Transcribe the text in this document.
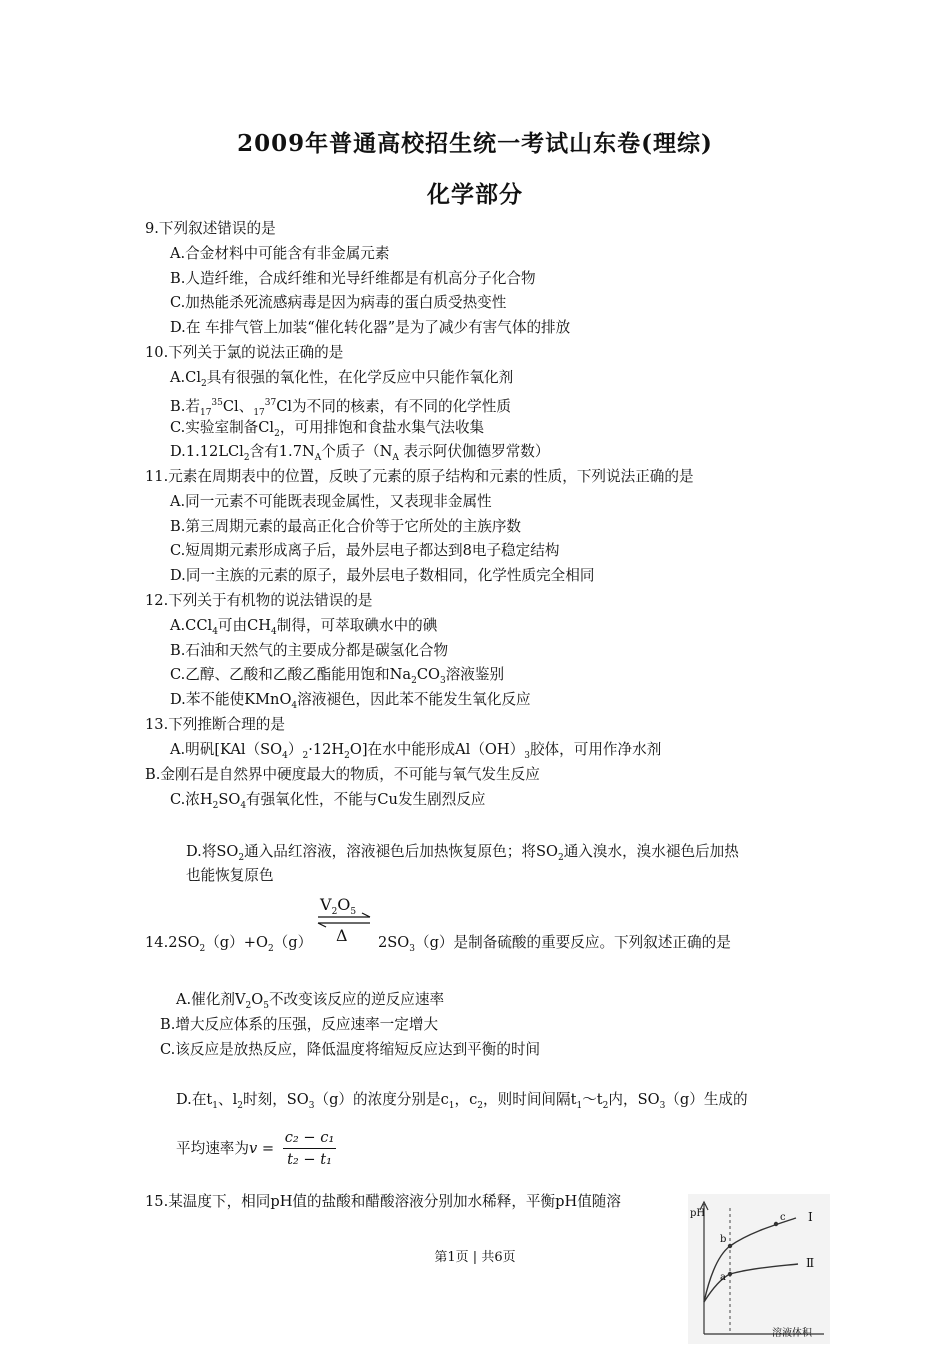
2009年普通高校招生统一考试山东卷(理综)
化学部分
9.下列叙述错误的是
A.合金材料中可能含有非金属元素
B.人造纤维，合成纤维和光导纤维都是有机高分子化合物
C.加热能杀死流感病毒是因为病毒的蛋白质受热变性
D.在 车排气管上加装“催化转化器”是为了减少有害气体的排放
10.下列关于氯的说法正确的是
$A.Cl_2$具有很强的氧化性，在化学反应中只能作氧化剂
B.若$_{17}^{35}$Cl、$_{17}^{37}$Cl为不同的核素，有不同的化学性质
C.实验室制备$Cl_2$，可用排饱和食盐水集气法收集
D.1.12LCl$_2$含有$1.7N_A$个质子（$N_A$ 表示阿伏伽德罗常数）
11.元素在周期表中的位置，反映了元素的原子结构和元素的性质，下列说法正确的是
A.同一元素不可能既表现金属性，又表现非金属性
B.第三周期元素的最高正化合价等于它所处的主族序数
C.短周期元素形成离子后，最外层电子都达到8电子稳定结构
D.同一主族的元素的原子，最外层电子数相同，化学性质完全相同
12.下列关于有机物的说法错误的是
A.CCl$_4$可由$CH_4$制得，可萃取碘水中的碘
B.石油和天然气的主要成分都是碳氢化合物
C.乙醇、乙酸和乙酸乙酯能用饱和$Na_2CO_3$溶液鉴别
D.苯不能使KMnO$_4$溶液褪色，因此苯不能发生氧化反应
13.下列推断合理的是
A.明矾$[KAl(SO_4)_2\cdot 12H_2O]$在水中能形成$Al(OH)_3$胶体，可用作净水剂
B.金刚石是自然界中硬度最大的物质，不可能与氧气发生反应
C.浓$H_2SO_4$有强氧化性，不能与Cu发生剧烈反应
D.将$SO_2$通入品红溶液，溶液褪色后加热恢复原色；将$SO_2$通入溴水，溴水褪色后加热
也能恢复原色
$V_2O_5$
Δ
$14.2SO_2(g)+O_2(g)$	$2SO_3(g)$是制备硫酸的重要反应。下列叙述正确的是
A.催化剂$V_2O_5$不改变该反应的逆反应速率
B.增大反应体系的压强，反应速率一定增大
C.该反应是放热反应，降低温度将缩短反应达到平衡的时间
D.在$t_1$、$l_2$时刻，$SO_3(g)$的浓度分别是$c_1$，$c_2$，则时间间隔$t_1\sim t_2$内，$SO_3(g)$生成的
平均速率为$v = \frac{\text{c₂ − c₁}}{\text{t₂ − t₁}}$
15.某温度下，相同pH值的盐酸和醋酸溶液分别加水稀释，平衡pH值随溶
pH
溶液体积
Ⅰ
Ⅱ
a
b
c
第1页 | 共6页
